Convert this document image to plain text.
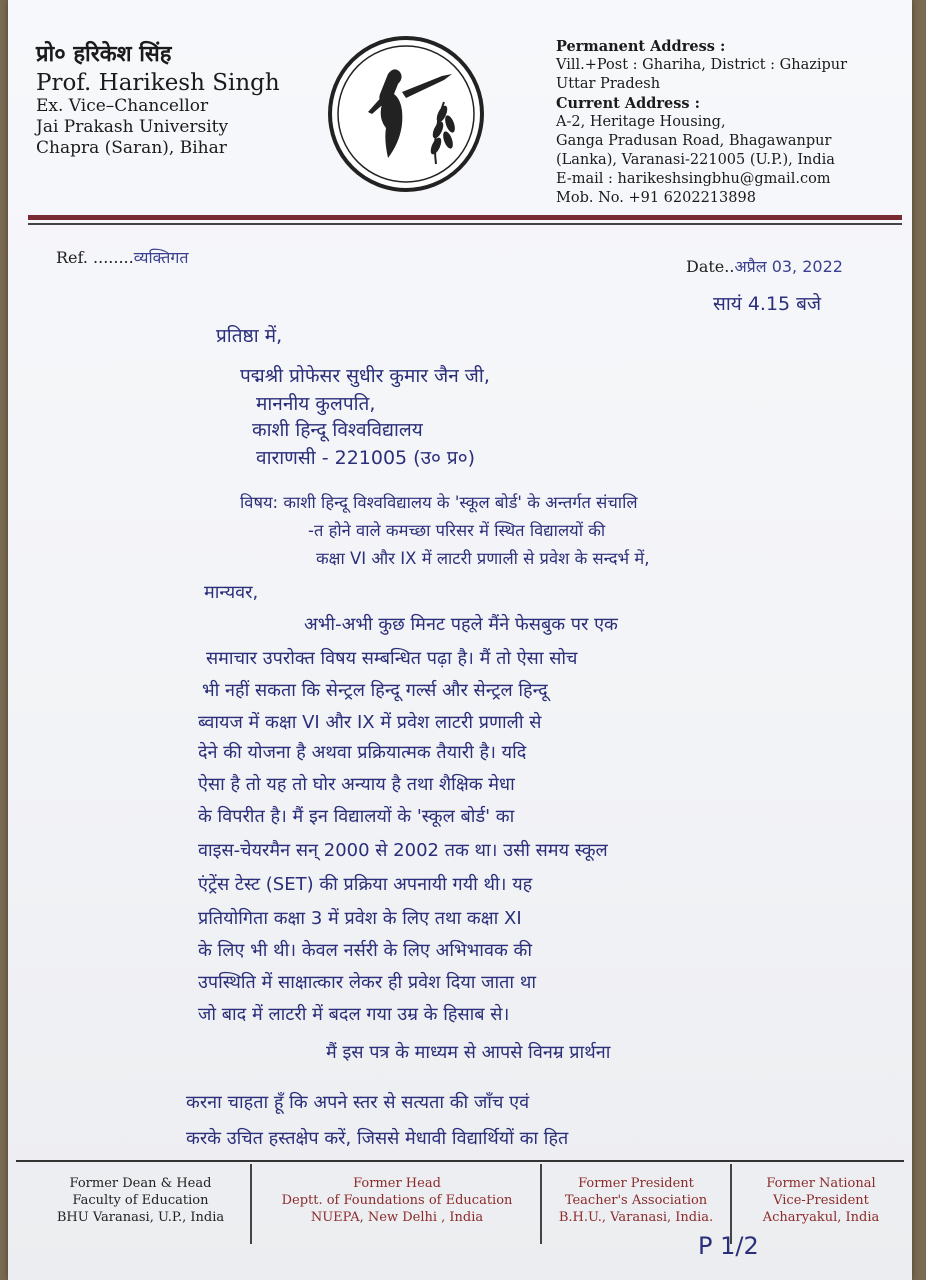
प्रो० हरिकेश सिंह
Prof. Harikesh Singh
Ex. Vice–Chancellor
Jai Prakash University
Chapra (Saran), Bihar
Permanent Address :
Vill.+Post : Ghariha, District : Ghazipur
Uttar Pradesh
Current Address :
A-2, Heritage Housing,
Ganga Pradusan Road, Bhagawanpur
(Lanka), Varanasi-221005 (U.P.), India
E-mail : harikeshsingbhu@gmail.com
Mob. No. +91 6202213898
Ref. ........व्यक्तिगत	Date..अप्रैल 03, 2022
सायं 4.15 बजे
प्रतिष्ठा में,
पद्मश्री प्रोफेसर सुधीर कुमार जैन जी,
माननीय कुलपति,
काशी हिन्दू विश्वविद्यालय
वाराणसी - 221005 (उ० प्र०)
विषय: काशी हिन्दू विश्वविद्यालय के 'स्कूल बोर्ड' के अन्तर्गत संचालि
-त होने वाले कमच्छा परिसर में स्थित विद्यालयों की
कक्षा VI और IX में लाटरी प्रणाली से प्रवेश के सन्दर्भ में,
मान्यवर,
अभी-अभी कुछ मिनट पहले मैंने फेसबुक पर एक
समाचार उपरोक्त विषय सम्बन्धित पढ़ा है। मैं तो ऐसा सोच
भी नहीं सकता कि सेन्ट्रल हिन्दू गर्ल्स और सेन्ट्रल हिन्दू
ब्वायज में कक्षा VI और IX में प्रवेश लाटरी प्रणाली से
देने की योजना है अथवा प्रक्रियात्मक तैयारी है। यदि
ऐसा है तो यह तो घोर अन्याय है तथा शैक्षिक मेधा
के विपरीत है। मैं इन विद्यालयों के 'स्कूल बोर्ड' का
वाइस-चेयरमैन सन् 2000 से 2002 तक था। उसी समय स्कूल
एंट्रेंस टेस्ट (SET) की प्रक्रिया अपनायी गयी थी। यह
प्रतियोगिता कक्षा 3 में प्रवेश के लिए तथा कक्षा XI
के लिए भी थी। केवल नर्सरी के लिए अभिभावक की
उपस्थिति में साक्षात्कार लेकर ही प्रवेश दिया जाता था
जो बाद में लाटरी में बदल गया उम्र के हिसाब से।
मैं इस पत्र के माध्यम से आपसे विनम्र प्रार्थना
करना चाहता हूँ कि अपने स्तर से सत्यता की जाँच एवं
करके उचित हस्तक्षेप करें, जिससे मेधावी विद्यार्थियों का हित
Former Dean & Head
Faculty of Education
BHU Varanasi, U.P., India
Former Head
Deptt. of Foundations of Education
NUEPA, New Delhi , India
Former President
Teacher's Association
B.H.U., Varanasi, India.
Former National
Vice-President
Acharyakul, India
P 1/2
